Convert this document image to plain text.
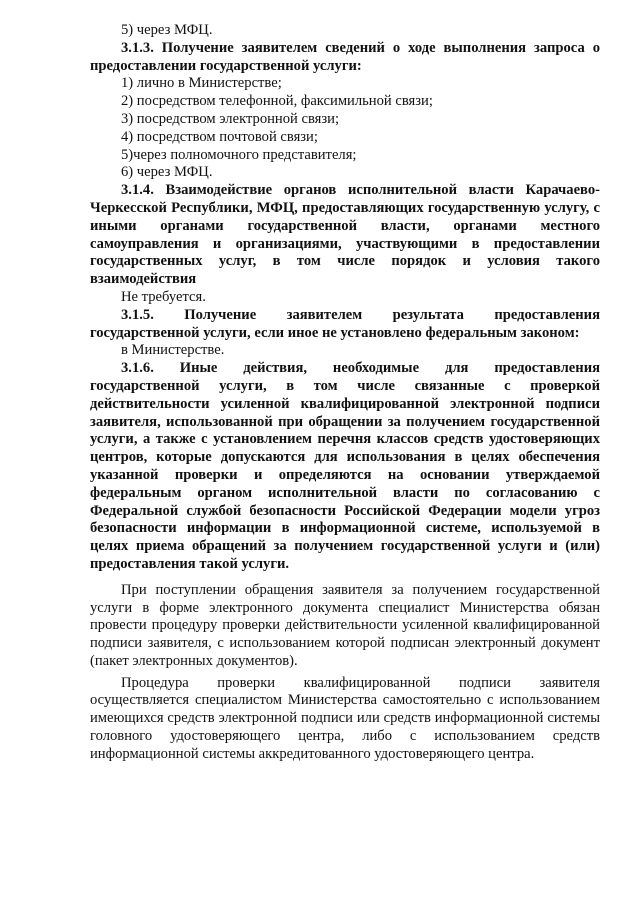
5) через МФЦ.

3.1.3. Получение заявителем сведений о ходе выполнения запроса о предоставлении государственной услуги:

1) лично в Министерстве;

2) посредством телефонной, факсимильной связи;

3) посредством электронной связи;

4) посредством почтовой связи;

5)через полномочного представителя;

6) через МФЦ.

3.1.4. Взаимодействие органов исполнительной власти Карачаево-Черкесской Республики, МФЦ, предоставляющих государственную услугу, с иными органами государственной власти, органами местного самоуправления и организациями, участвующими в предоставлении государственных услуг, в том числе порядок и условия такого взаимодействия

Не требуется.

3.1.5. Получение заявителем результата предоставления государственной услуги, если иное не установлено федеральным законом:

в Министерстве.

3.1.6. Иные действия, необходимые для предоставления государственной услуги, в том числе связанные с проверкой действительности усиленной квалифицированной электронной подписи заявителя, использованной при обращении за получением государственной услуги, а также с установлением перечня классов средств удостоверяющих центров, которые допускаются для использования в целях обеспечения указанной проверки и определяются на основании утверждаемой федеральным органом исполнительной власти по согласованию с Федеральной службой безопасности Российской Федерации модели угроз безопасности информации в информационной системе, используемой в целях приема обращений за получением государственной услуги и (или) предоставления такой услуги.

При поступлении обращения заявителя за получением государственной услуги в форме электронного документа специалист Министерства обязан провести процедуру проверки действительности усиленной квалифицированной подписи заявителя, с использованием которой подписан электронный документ (пакет электронных документов).

Процедура проверки квалифицированной подписи заявителя осуществляется специалистом Министерства самостоятельно с использованием имеющихся средств электронной подписи или средств информационной системы головного удостоверяющего центра, либо с использованием средств информационной системы аккредитованного удостоверяющего центра.
